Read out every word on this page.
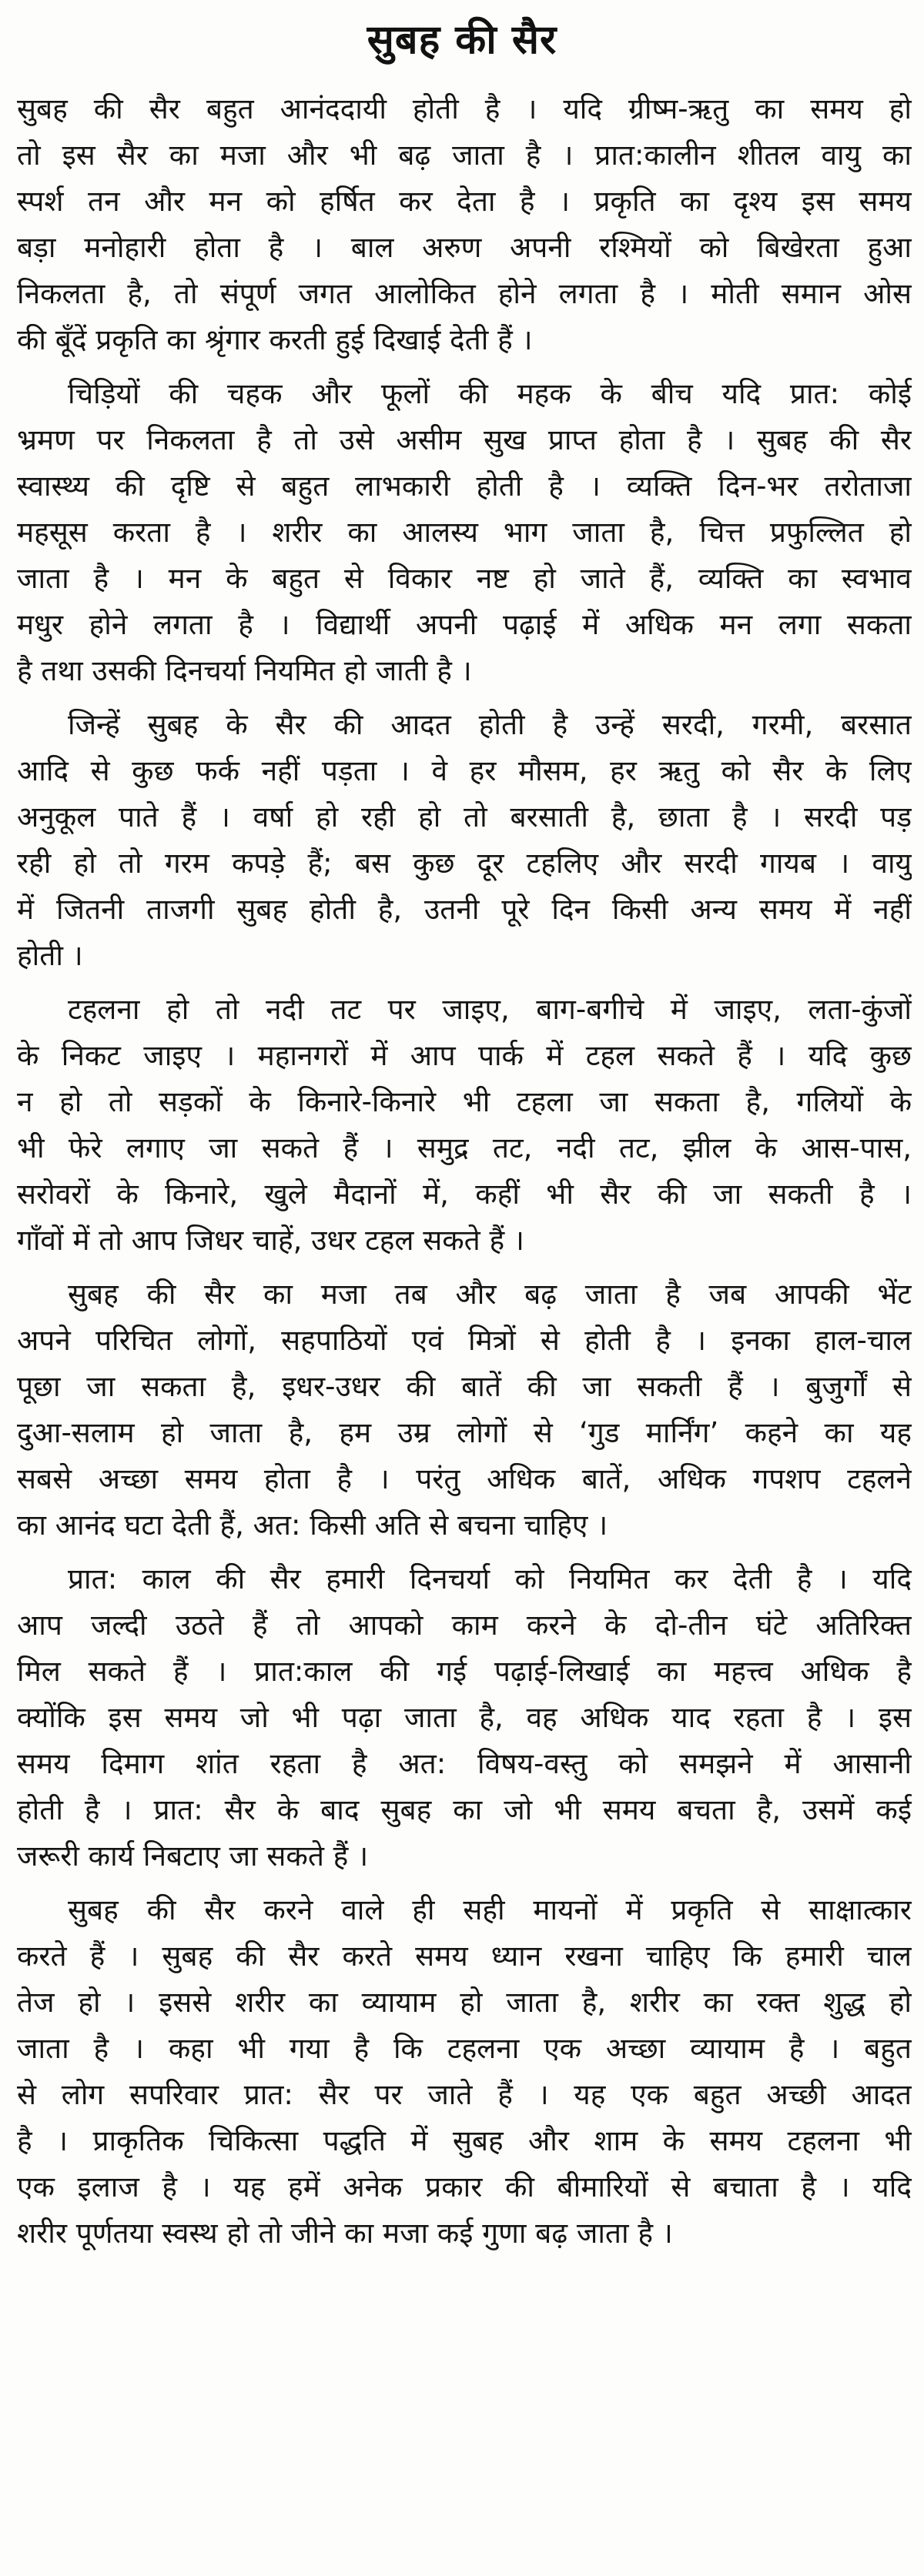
सुबह की सैर
सुबह की सैर बहुत आनंददायी होती है । यदि ग्रीष्म-ऋतु का समय हो
तो इस सैर का मजा और भी बढ़ जाता है । प्रात:कालीन शीतल वायु का
स्पर्श तन और मन को हर्षित कर देता है । प्रकृति का दृश्य इस समय
बड़ा मनोहारी होता है । बाल अरुण अपनी रश्मियों को बिखेरता हुआ
निकलता है, तो संपूर्ण जगत आलोकित होने लगता है । मोती समान ओस
की बूँदें प्रकृति का श्रृंगार करती हुई दिखाई देती हैं ।
चिड़ियों की चहक और फूलों की महक के बीच यदि प्रात: कोई
भ्रमण पर निकलता है तो उसे असीम सुख प्राप्त होता है । सुबह की सैर
स्वास्थ्य की दृष्टि से बहुत लाभकारी होती है । व्यक्ति दिन-भर तरोताजा
महसूस करता है । शरीर का आलस्य भाग जाता है, चित्त प्रफुल्लित हो
जाता है । मन के बहुत से विकार नष्ट हो जाते हैं, व्यक्ति का स्वभाव
मधुर होने लगता है । विद्यार्थी अपनी पढ़ाई में अधिक मन लगा सकता
है तथा उसकी दिनचर्या नियमित हो जाती है ।
जिन्हें सुबह के सैर की आदत होती है उन्हें सरदी, गरमी, बरसात
आदि से कुछ फर्क नहीं पड़ता । वे हर मौसम, हर ऋतु को सैर के लिए
अनुकूल पाते हैं । वर्षा हो रही हो तो बरसाती है, छाता है । सरदी पड़
रही हो तो गरम कपड़े हैं; बस कुछ दूर टहलिए और सरदी गायब । वायु
में जितनी ताजगी सुबह होती है, उतनी पूरे दिन किसी अन्य समय में नहीं
होती ।
टहलना हो तो नदी तट पर जाइए, बाग-बगीचे में जाइए, लता-कुंजों
के निकट जाइए । महानगरों में आप पार्क में टहल सकते हैं । यदि कुछ
न हो तो सड़कों के किनारे-किनारे भी टहला जा सकता है, गलियों के
भी फेरे लगाए जा सकते हैं । समुद्र तट, नदी तट, झील के आस-पास,
सरोवरों के किनारे, खुले मैदानों में, कहीं भी सैर की जा सकती है ।
गाँवों में तो आप जिधर चाहें, उधर टहल सकते हैं ।
सुबह की सैर का मजा तब और बढ़ जाता है जब आपकी भेंट
अपने परिचित लोगों, सहपाठियों एवं मित्रों से होती है । इनका हाल-चाल
पूछा जा सकता है, इधर-उधर की बातें की जा सकती हैं । बुजुर्गों से
दुआ-सलाम हो जाता है, हम उम्र लोगों से ‘गुड मार्निंग’ कहने का यह
सबसे अच्छा समय होता है । परंतु अधिक बातें, अधिक गपशप टहलने
का आनंद घटा देती हैं, अत: किसी अति से बचना चाहिए ।
प्रात: काल की सैर हमारी दिनचर्या को नियमित कर देती है । यदि
आप जल्दी उठते हैं तो आपको काम करने के दो-तीन घंटे अतिरिक्त
मिल सकते हैं । प्रात:काल की गई पढ़ाई-लिखाई का महत्त्व अधिक है
क्योंकि इस समय जो भी पढ़ा जाता है, वह अधिक याद रहता है । इस
समय दिमाग शांत रहता है अत: विषय-वस्तु को समझने में आसानी
होती है । प्रात: सैर के बाद सुबह का जो भी समय बचता है, उसमें कई
जरूरी कार्य निबटाए जा सकते हैं ।
सुबह की सैर करने वाले ही सही मायनों में प्रकृति से साक्षात्कार
करते हैं । सुबह की सैर करते समय ध्यान रखना चाहिए कि हमारी चाल
तेज हो । इससे शरीर का व्यायाम हो जाता है, शरीर का रक्त शुद्ध हो
जाता है । कहा भी गया है कि टहलना एक अच्छा व्यायाम है । बहुत
से लोग सपरिवार प्रात: सैर पर जाते हैं । यह एक बहुत अच्छी आदत
है । प्राकृतिक चिकित्सा पद्धति में सुबह और शाम के समय टहलना भी
एक इलाज है । यह हमें अनेक प्रकार की बीमारियों से बचाता है । यदि
शरीर पूर्णतया स्वस्थ हो तो जीने का मजा कई गुणा बढ़ जाता है ।
